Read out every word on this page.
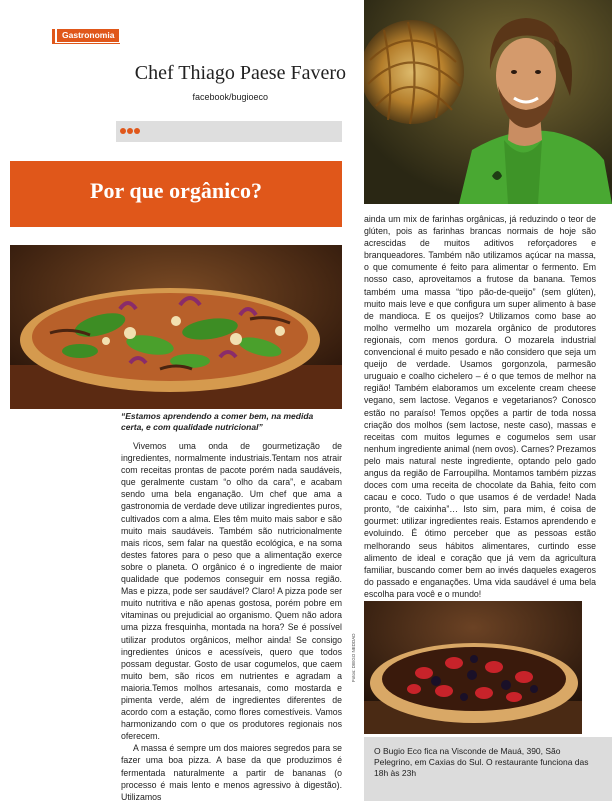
Gastronomia
Chef Thiago Paese Favero
facebook/bugioeco
Por que orgânico?
“Estamos aprendendo a comer bem, na medida certa, e com qualidade nutricional”

Vivemos uma onda de gourmetização de ingredientes, normalmente industriais.Tentam nos atrair com receitas prontas de pacote porém nada saudáveis, que geralmente custam “o olho da cara”, e acabam sendo uma bela enganação. Um chef que ama a gastronomia de verdade deve utilizar ingredientes puros, cultivados com a alma. Eles têm muito mais sabor e são muito mais saudáveis. Também são nutricionalmente mais ricos, sem falar na questão ecológica, e na soma destes fatores para o peso que a alimentação exerce sobre o planeta. O orgânico é o ingrediente de maior qualidade que podemos conseguir em nossa região. Mas e pizza, pode ser saudável? Claro! A pizza pode ser muito nutritiva e não apenas gostosa, porém pobre em vitaminas ou prejudicial ao organismo. Quem não adora uma pizza fresquinha, montada na hora? Se é possível utilizar produtos orgânicos, melhor ainda! Se consigo ingredientes únicos e acessíveis, quero que todos possam degustar. Gosto de usar cogumelos, que caem muito bem, são ricos em nutrientes e agradam a maioria.Temos molhos artesanais, como mostarda e pimenta verde, além de ingredientes diferentes de acordo com a estação, como flores comestíveis. Vamos harmonizando com o que os produtores regionais nos oferecem.

A massa é sempre um dos maiores segredos para se fazer uma boa pizza. A base da que produzimos é fermentada naturalmente a partir de bananas (o processo é mais lento e menos agressivo à digestão). Utilizamos

ainda um mix de farinhas orgânicas, já reduzindo o teor de glúten, pois as farinhas brancas normais de hoje são acrescidas de muitos aditivos reforçadores e branqueadores. Também não utilizamos açúcar na massa, o que comumente é feito para alimentar o fermento. Em nosso caso, aproveitamos a frutose da banana. Temos também uma massa “tipo pão-de-queijo” (sem glúten), muito mais leve e que configura um super alimento à base de mandioca. E os queijos? Utilizamos como base ao molho vermelho um mozarela orgânico de produtores regionais, com menos gordura. O mozarela industrial convencional é muito pesado e não considero que seja um queijo de verdade. Usamos gorgonzola, parmesão uruguaio e coalho cichelero – é o que temos de melhor na região! Também elaboramos um excelente cream cheese vegano, sem lactose. Veganos e vegetarianos? Conosco estão no paraíso! Temos opções a partir de toda nossa criação dos molhos (sem lactose, neste caso), massas e receitas com muitos legumes e cogumelos sem usar nenhum ingrediente animal (nem ovos). Carnes? Prezamos pelo mais natural neste ingrediente, optando pelo gado angus da região de Farroupilha. Montamos também pizzas doces com uma receita de chocolate da Bahia, feito com cacau e coco. Tudo o que usamos é de verdade! Nada pronto, “de caixinha”… Isto sim, para mim, é coisa de gourmet: utilizar ingredientes reais. Estamos aprendendo e evoluindo. É ótimo perceber que as pessoas estão melhorando seus hábitos alimentares, curtindo esse alimento de ideal e coração que já vem da agricultura familiar, buscando comer bem ao invés daqueles exageros do passado e enganações. Uma vida saudável é uma bela escolha para você e o mundo!

Fotos: DIEGO NEDDAD
O Bugio Eco fica na Visconde de Mauá, 390, São Pelegrino, em Caxias do Sul. O restaurante funciona das 18h às 23h
